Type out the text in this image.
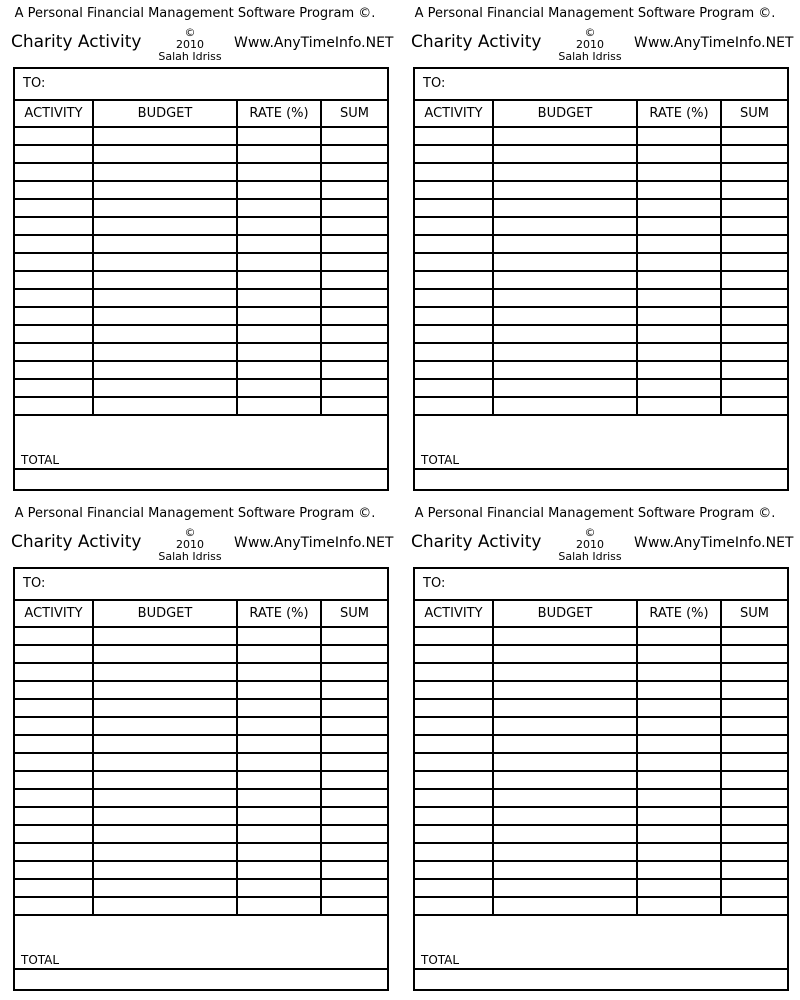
A Personal Financial Management Software Program ©.
Charity Activity	©
2010
Salah Idriss
Www.AnyTimeInfo.NET
TO:
ACTIVITY	BUDGET	RATE (%)	SUM

TOTAL
A Personal Financial Management Software Program ©.
Charity Activity	©
2010
Salah Idriss
Www.AnyTimeInfo.NET
TO:
ACTIVITY	BUDGET	RATE (%)	SUM

TOTAL
A Personal Financial Management Software Program ©.
Charity Activity	©
2010
Salah Idriss
Www.AnyTimeInfo.NET
TO:
ACTIVITY	BUDGET	RATE (%)	SUM

TOTAL
A Personal Financial Management Software Program ©.
Charity Activity	©
2010
Salah Idriss
Www.AnyTimeInfo.NET
TO:
ACTIVITY	BUDGET	RATE (%)	SUM

TOTAL
